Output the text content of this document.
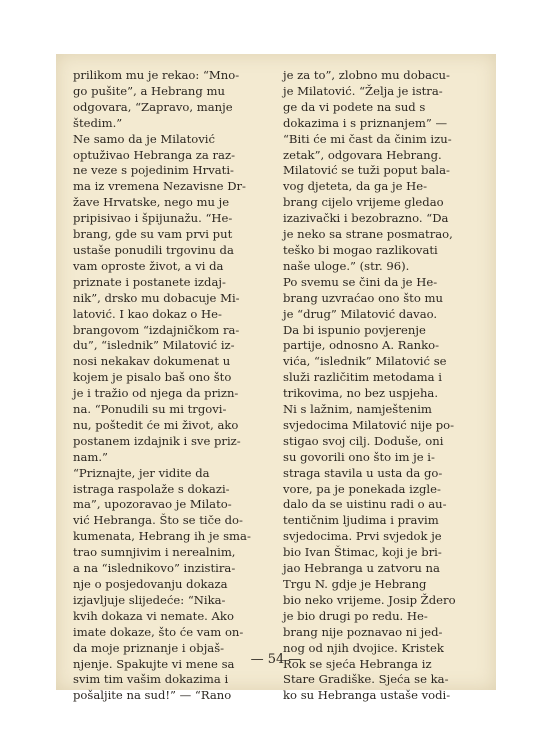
prilikom mu je rekao: “Mno-
go pušite”, a Hebrang mu
odgovara, “Zapravo, manje
štedim.”
Ne samo da je Milatović
optuživao Hebranga za raz-
ne veze s pojedinim Hrvati-
ma iz vremena Nezavisne Dr-
žave Hrvatske, nego mu je
pripisivao i špijunažu. “He-
brang, gde su vam prvi put
ustaše ponudili trgovinu da
vam oproste život, a vi da
priznate i postanete izdaj-
nik”, drsko mu dobacuje Mi-
latović. I kao dokaz o He-
brangovom “izdajničkom ra-
du”, “islednik” Milatović iz-
nosi nekakav dokumenat u
kojem je pisalo baš ono što
je i tražio od njega da prizn-
na. “Ponudili su mi trgovi-
nu, poštedit će mi život, ako
postanem izdajnik i sve priz-
nam.”
“Priznajte, jer vidite da
istraga raspolaže s dokazi-
ma”, upozoravao je Milato-
vić Hebranga. Što se tiče do-
kumenata, Hebrang ih je sma-
trao sumnjivim i nerealnim,
a na “islednikovo” inzistira-
nje o posjedovanju dokaza
izjavljuje slijedeće: “Nika-
kvih dokaza vi nemate. Ako
imate dokaze, što će vam on-
da moje priznanje i objaš-
njenje. Spakujte vi mene sa
svim tim vašim dokazima i
pošaljite na sud!” — “Rano
je za to”, zlobno mu dobacu-
je Milatović. “Želja je istra-
ge da vi podete na sud s
dokazima i s priznanjem” —
“Biti će mi čast da činim izu-
zetak”, odgovara Hebrang.
Milatović se tuži poput bala-
vog djeteta, da ga je He-
brang cijelo vrijeme gledao
izazivački i bezobrazno. “Da
je neko sa strane posmatrao,
teško bi mogao razlikovati
naše uloge.” (str. 96).
Po svemu se čini da je He-
brang uzvraćao ono što mu
je “drug” Milatović davao.
Da bi ispunio povjerenje
partije, odnosno A. Ranko-
vića, “islednik” Milatović se
služi različitim metodama i
trikovima, no bez uspjeha.
Ni s lažnim, namještenim
svjedocima Milatović nije po-
stigao svoj cilj. Doduše, oni
su govorili ono što im je i-
straga stavila u usta da go-
vore, pa je ponekada izgle-
dalo da se uistinu radi o au-
tentičnim ljudima i pravim
svjedocima. Prvi svjedok je
bio Ivan Štimac, koji je bri-
jao Hebranga u zatvoru na
Trgu N. gdje je Hebrang
bio neko vrijeme. Josip Ždero
je bio drugi po redu. He-
brang nije poznavao ni jed-
nog od njih dvojice. Kristek
Rok se sjeća Hebranga iz
Stare Gradiške. Sjeća se ka-
ko su Hebranga ustaše vodi-
— 54 —
